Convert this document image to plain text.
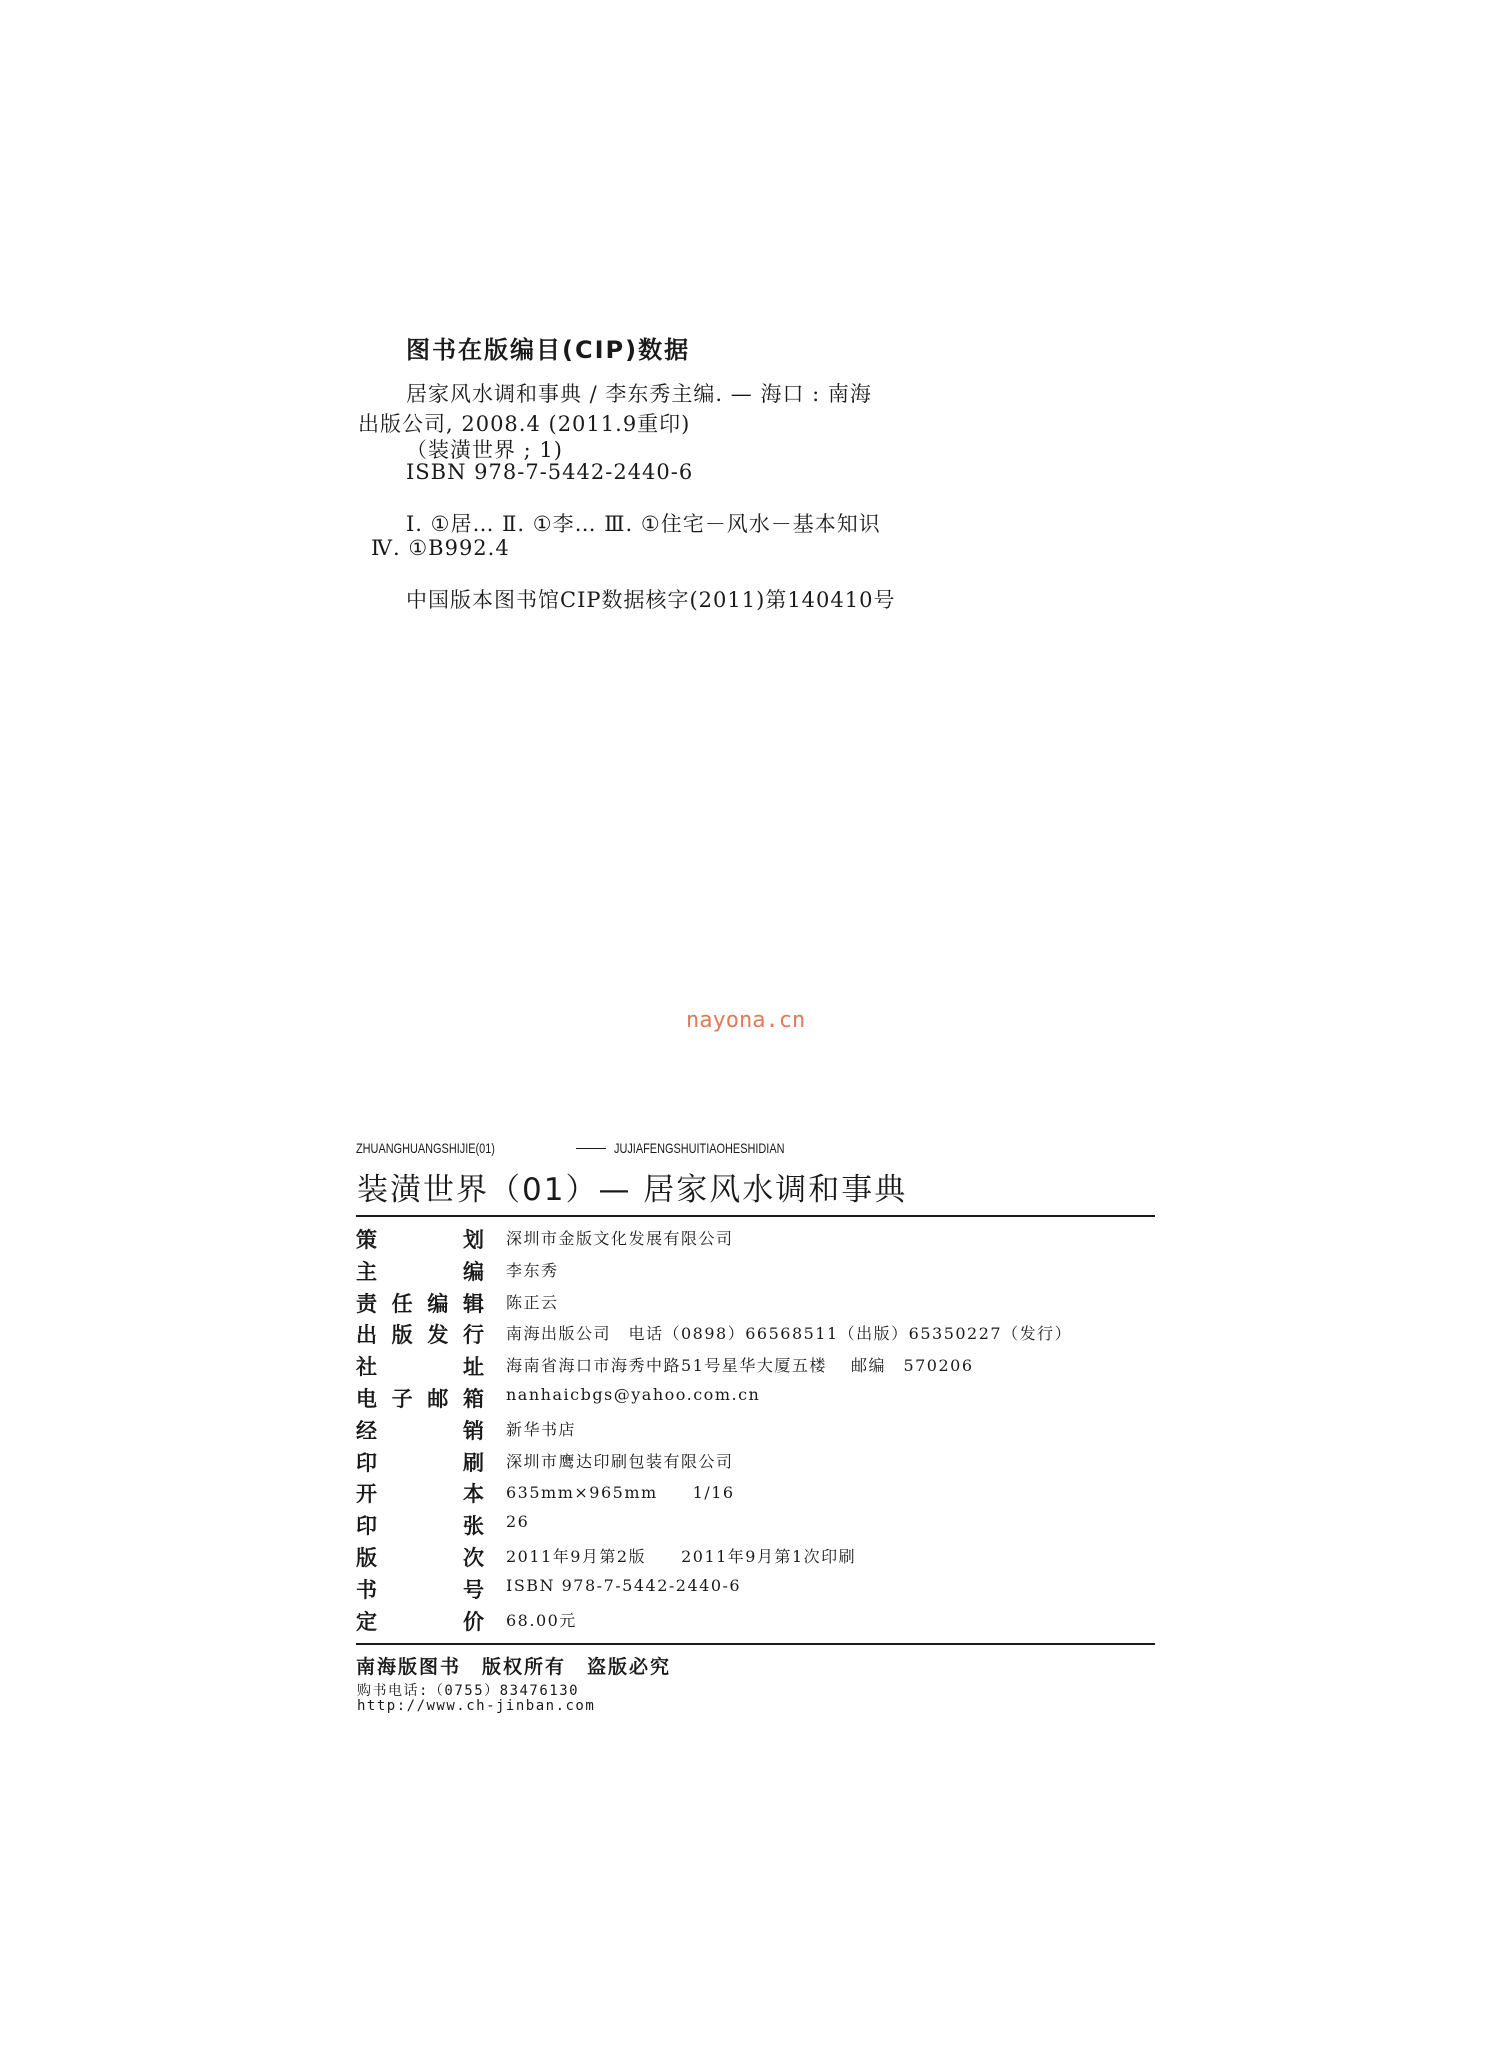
图书在版编目(CIP)数据
居家风水调和事典 / 李东秀主编. — 海口 : 南海
出版公司, 2008.4 (2011.9重印)
（装潢世界 ; 1)
ISBN 978-7-5442-2440-6
Ⅰ. ①居… Ⅱ. ①李… Ⅲ. ①住宅－风水－基本知识
Ⅳ. ①B992.4
中国版本图书馆CIP数据核字(2011)第140410号
nayona.cn
ZHUANGHUANGSHIJIE(01)	JUJIAFENGSHUITIAOHESHIDIAN
装潢世界（01）— 居家风水调和事典
策	划 深圳市金版文化发展有限公司
主	编 李东秀
责 任 编 辑 陈正云
出 版 发 行 南海出版公司　电话（0898）66568511（出版）65350227（发行）
社	址 海南省海口市海秀中路51号星华大厦五楼　 邮编　570206
电 子 邮 箱 nanhaicbgs@yahoo.com.cn
经	销 新华书店
印	刷 深圳市鹰达印刷包装有限公司
开	本 635mm×965mm　　1/16
印	张 26
版	次 2011年9月第2版　　2011年9月第1次印刷
书	号 ISBN 978-7-5442-2440-6
定	价 68.00元
南海版图书　版权所有　盗版必究
购书电话:（0755）83476130
http://www.ch-jinban.com
